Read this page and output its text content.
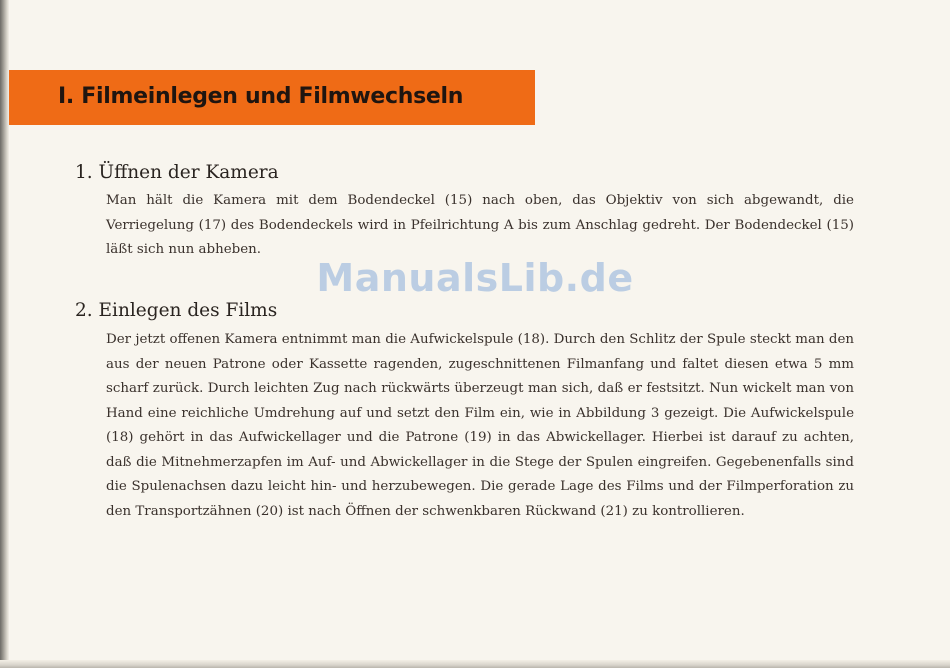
I. Filmeinlegen und Filmwechseln
1. Üffnen der Kamera
Man hält die Kamera mit dem Bodendeckel (15) nach oben, das Objektiv von sich abgewandt, die Verriegelung (17) des Bodendeckels wird in Pfeilrichtung A bis zum Anschlag gedreht. Der Bodendeckel (15) läßt sich nun abheben.
2. Einlegen des Films
Der jetzt offenen Kamera entnimmt man die Aufwickelspule (18). Durch den Schlitz der Spule steckt man den aus der neuen Patrone oder Kassette ragenden, zugeschnittenen Filmanfang und faltet diesen etwa 5 mm scharf zurück. Durch leichten Zug nach rückwärts überzeugt man sich, daß er festsitzt. Nun wickelt man von Hand eine reichliche Umdrehung auf und setzt den Film ein, wie in Abbildung 3 gezeigt. Die Aufwickelspule (18) gehört in das Aufwickellager und die Patrone (19) in das Abwickellager. Hierbei ist darauf zu achten, daß die Mitnehmerzapfen im Auf- und Abwickellager in die Stege der Spulen eingreifen. Gegebenenfalls sind die Spulenachsen dazu leicht hin- und herzubewegen. Die gerade Lage des Films und der Filmperforation zu den Transportzähnen (20) ist nach Öffnen der schwenkbaren Rückwand (21) zu kontrollieren.
ManualsLib.de
